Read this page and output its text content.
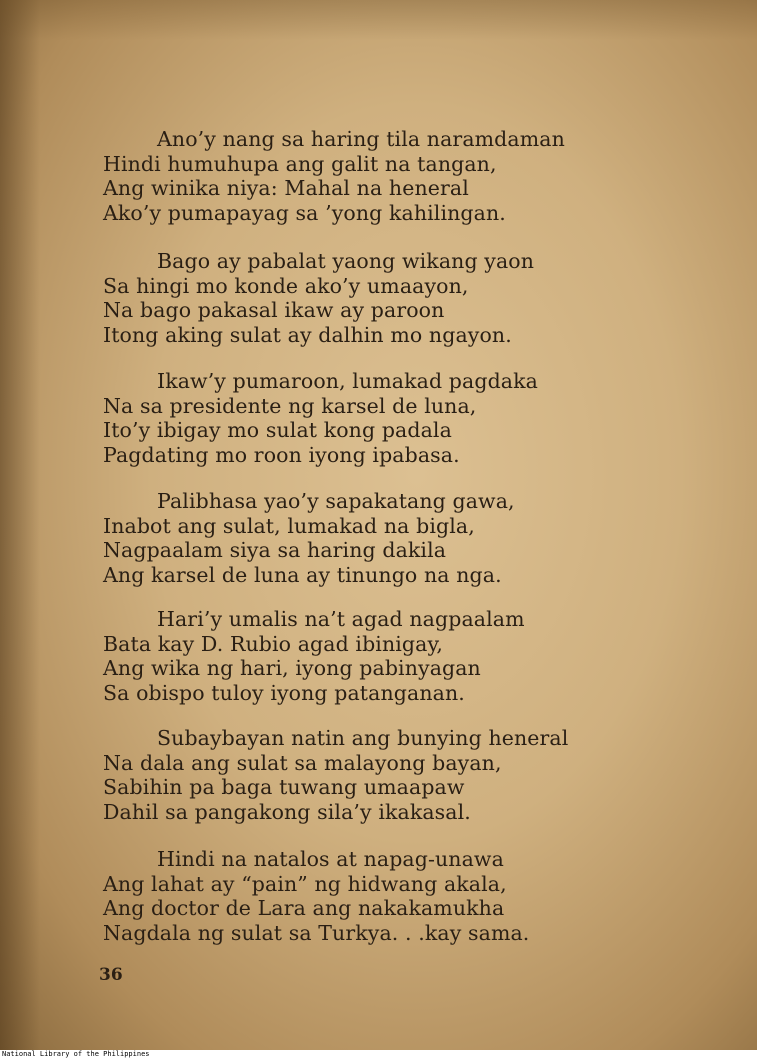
Ano’y nang sa haring tila naramdaman
Hindi humuhupa ang galit na tangan,
Ang winika niya: Mahal na heneral
Ako’y pumapayag sa ’yong kahilingan.
Bago ay pabalat yaong wikang yaon
Sa hingi mo konde ako’y umaayon,
Na bago pakasal ikaw ay paroon
Itong aking sulat ay dalhin mo ngayon.
Ikaw’y pumaroon, lumakad pagdaka
Na sa presidente ng karsel de luna,
Ito’y ibigay mo sulat kong padala
Pagdating mo roon iyong ipabasa.
Palibhasa yao’y sapakatang gawa,
Inabot ang sulat, lumakad na bigla,
Nagpaalam siya sa haring dakila
Ang karsel de luna ay tinungo na nga.
Hari’y umalis na’t agad nagpaalam
Bata kay D. Rubio agad ibinigay,
Ang wika ng hari, iyong pabinyagan
Sa obispo tuloy iyong patanganan.
Subaybayan natin ang bunying heneral
Na dala ang sulat sa malayong bayan,
Sabihin pa baga tuwang umaapaw
Dahil sa pangakong sila’y ikakasal.
Hindi na natalos at napag-unawa
Ang lahat ay “pain” ng hidwang akala,
Ang doctor de Lara ang nakakamukha
Nagdala ng sulat sa Turkya. . .kay sama.
36
National Library of the Philippines
